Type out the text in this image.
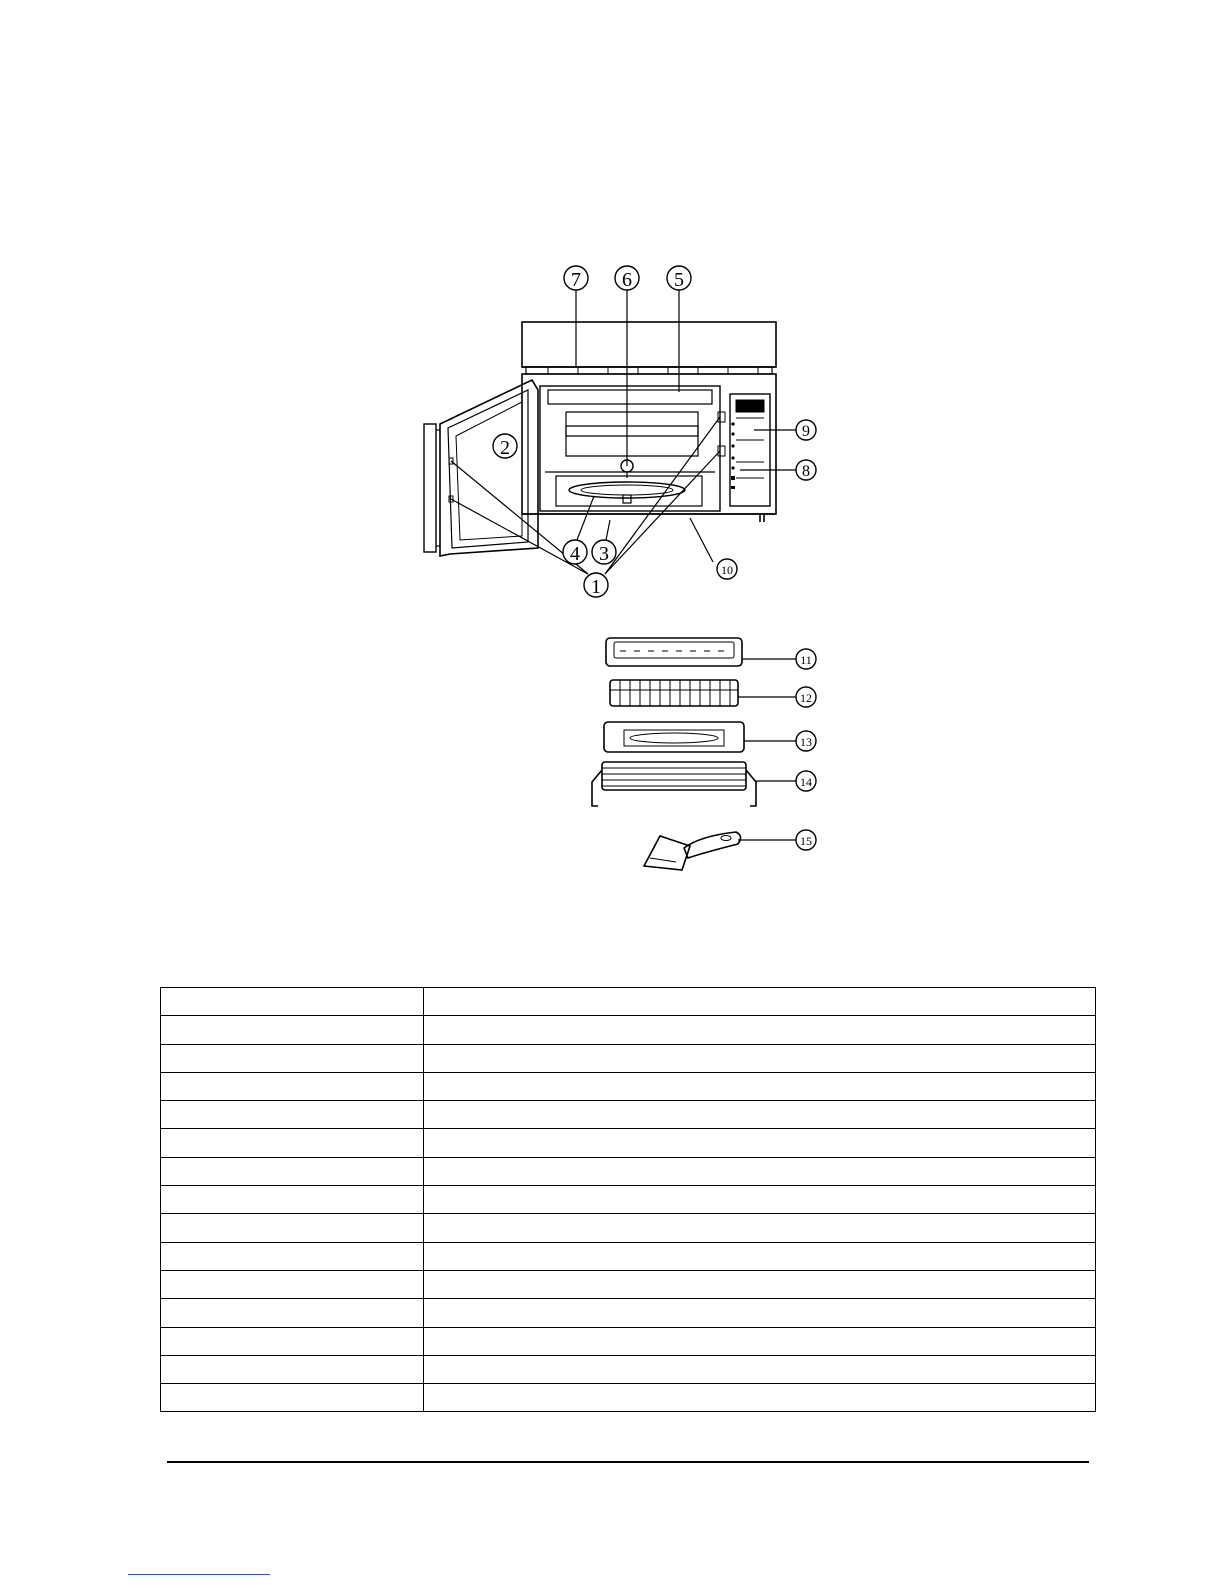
7 6 5
2
9
8
4 3
10
1
11
12
13
14
15
